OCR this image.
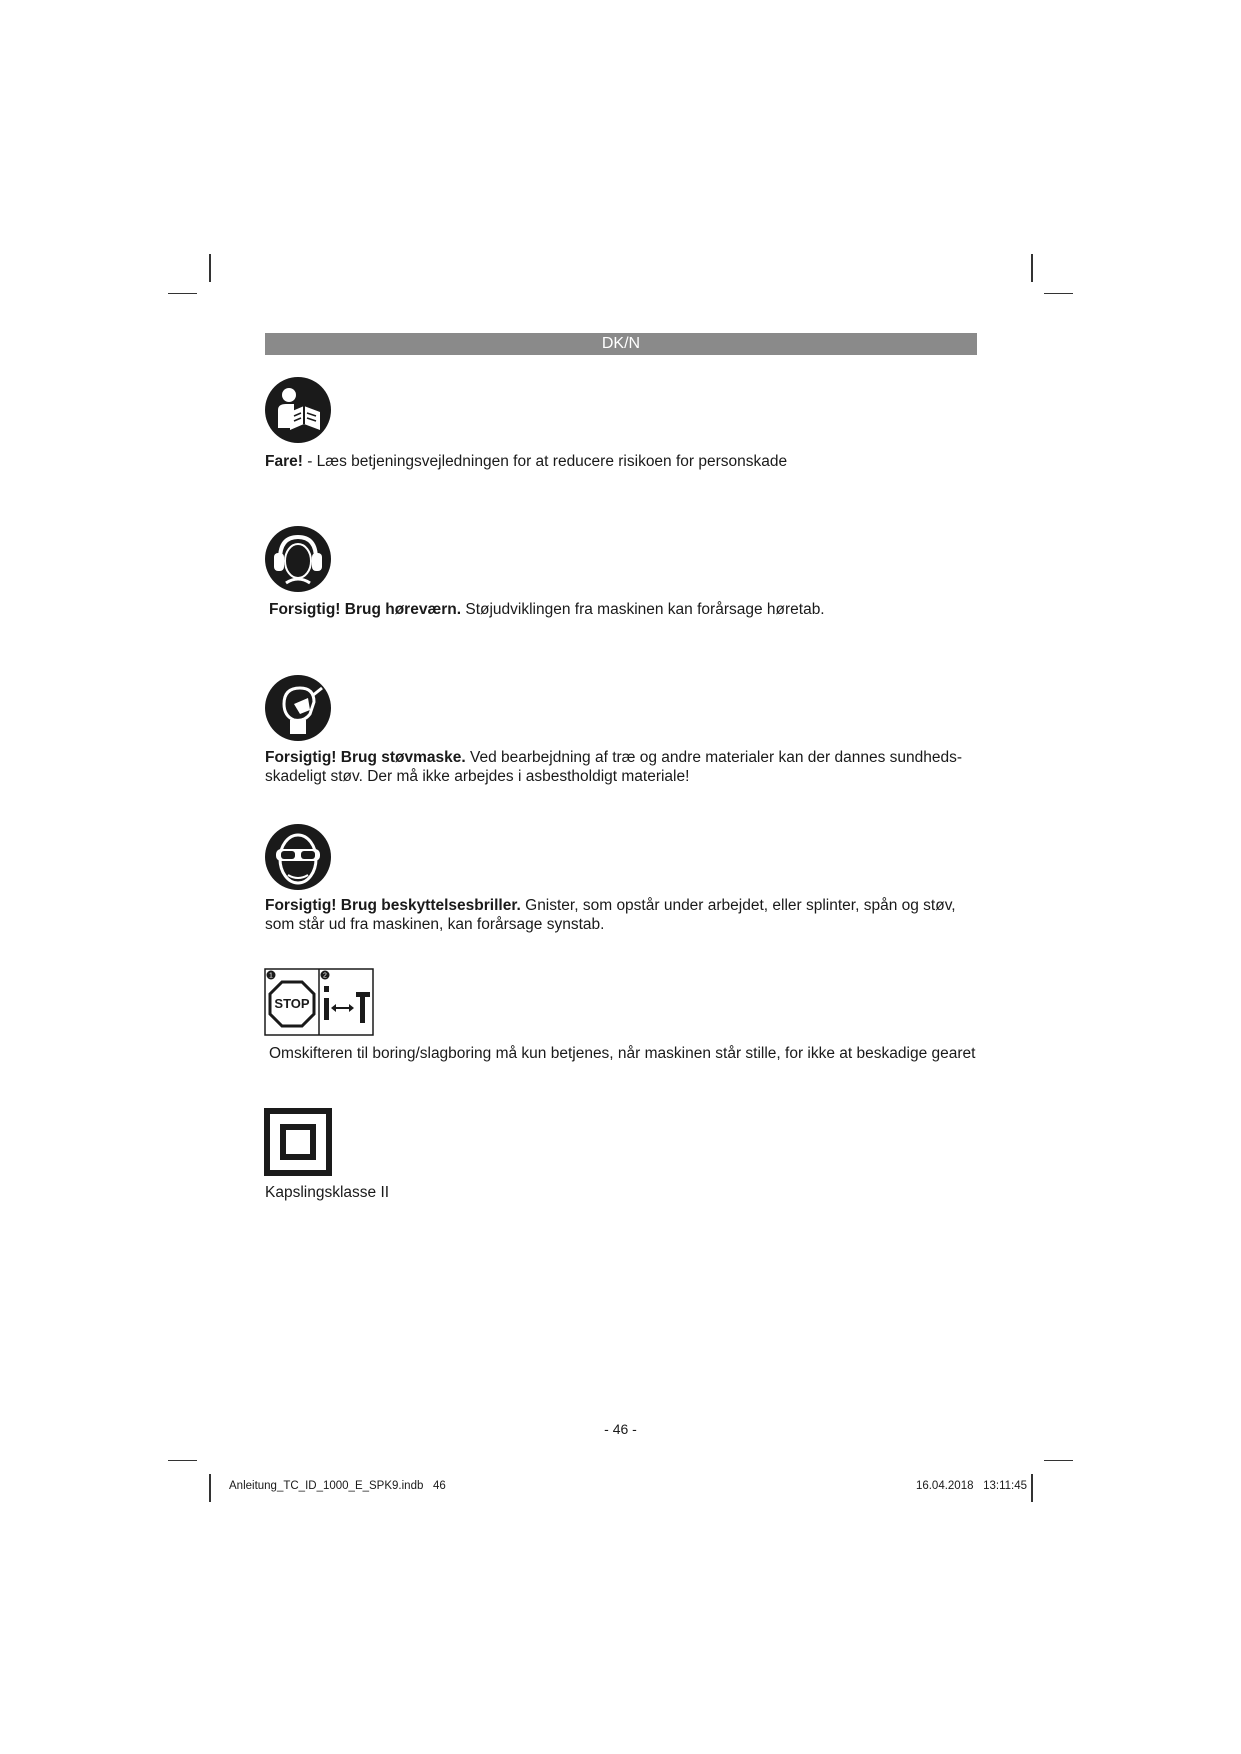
DK/N

Fare! - Læs betjeningsvejledningen for at reducere risikoen for personskade

Forsigtig! Brug høreværn. Støjudviklingen fra maskinen kan forårsage høretab.

Forsigtig! Brug støvmaske. Ved bearbejdning af træ og andre materialer kan der dannes sundheds-skadeligt støv. Der må ikke arbejdes i asbestholdigt materiale!

Forsigtig! Brug beskyttelsesbriller. Gnister, som opstår under arbejdet, eller splinter, spån og støv, som står ud fra maskinen, kan forårsage synstab.

1	2
STOP

Omskifteren til boring/slagboring må kun betjenes, når maskinen står stille, for ikke at beskadige gearet

Kapslingsklasse II

- 46 -
Anleitung_TC_ID_1000_E_SPK9.indb   46	16.04.2018   13:11:45
